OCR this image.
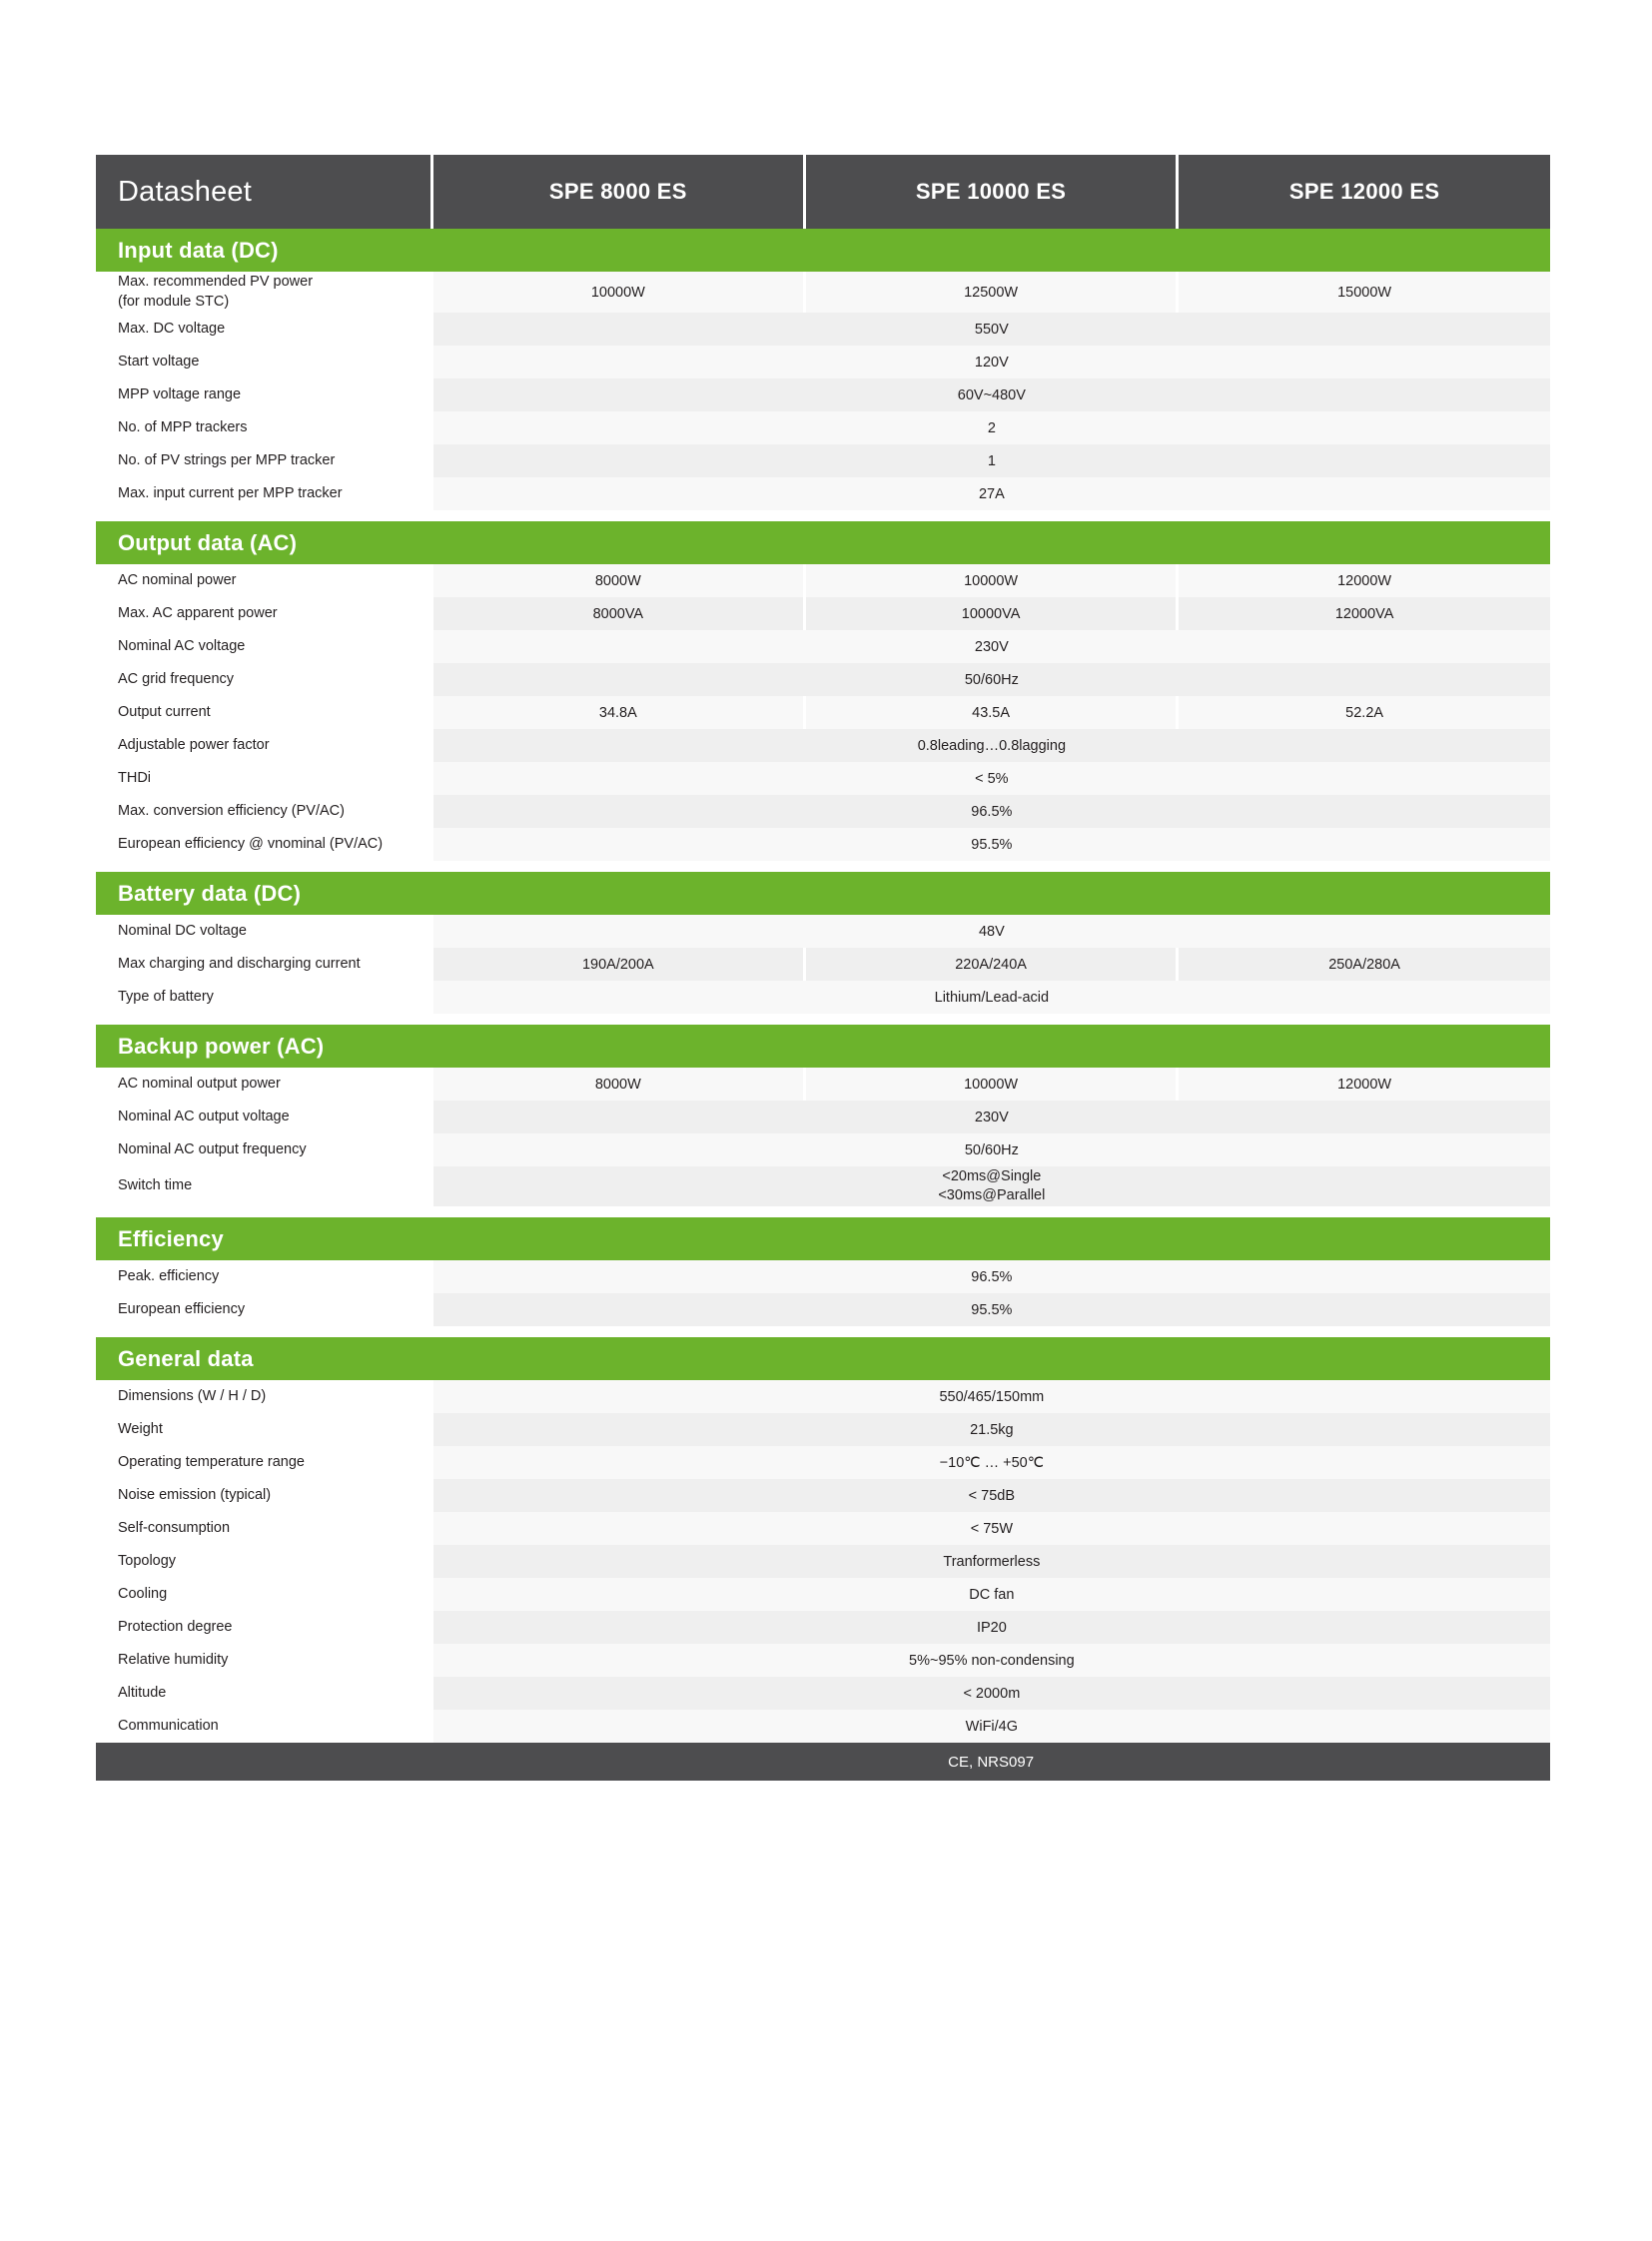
Datasheet	SPE 8000 ES	SPE 10000 ES	SPE 12000 ES
Input data (DC)			
Max. recommended PV power
(for module STC)	10000W	12500W	15000W
Max. DC voltage	550V		
Start voltage	120V		
MPP voltage range	60V~480V		
No. of MPP trackers	2		
No. of PV strings per MPP tracker	1		
Max. input current per MPP tracker	27A		

Output data (AC)			
AC nominal power	8000W	10000W	12000W
Max. AC apparent power	8000VA	10000VA	12000VA
Nominal AC voltage	230V		
AC grid frequency	50/60Hz		
Output current	34.8A	43.5A	52.2A
Adjustable power factor	0.8leading…0.8lagging		
THDi	< 5%		
Max. conversion efficiency (PV/AC)	96.5%		
European efficiency @ vnominal (PV/AC)	95.5%		

Battery data (DC)			
Nominal DC voltage	48V		
Max charging and discharging current	190A/200A	220A/240A	250A/280A
Type of battery	Lithium/Lead-acid		

Backup power (AC)			
AC nominal output power	8000W	10000W	12000W
Nominal AC output voltage	230V		
Nominal AC output frequency	50/60Hz		
Switch time	<20ms@Single
<30ms@Parallel		

Efficiency			
Peak. efficiency	96.5%		
European efficiency	95.5%		

General data			
Dimensions (W / H / D)	550/465/150mm		
Weight	21.5kg		
Operating temperature range	−10℃ … +50℃		
Noise emission (typical)	< 75dB		
Self-consumption	< 75W		
Topology	Tranformerless		
Cooling	DC fan		
Protection degree	IP20		
Relative humidity	5%~95% non-condensing		
Altitude	< 2000m		
Communication	WiFi/4G		
	CE, NRS097		
